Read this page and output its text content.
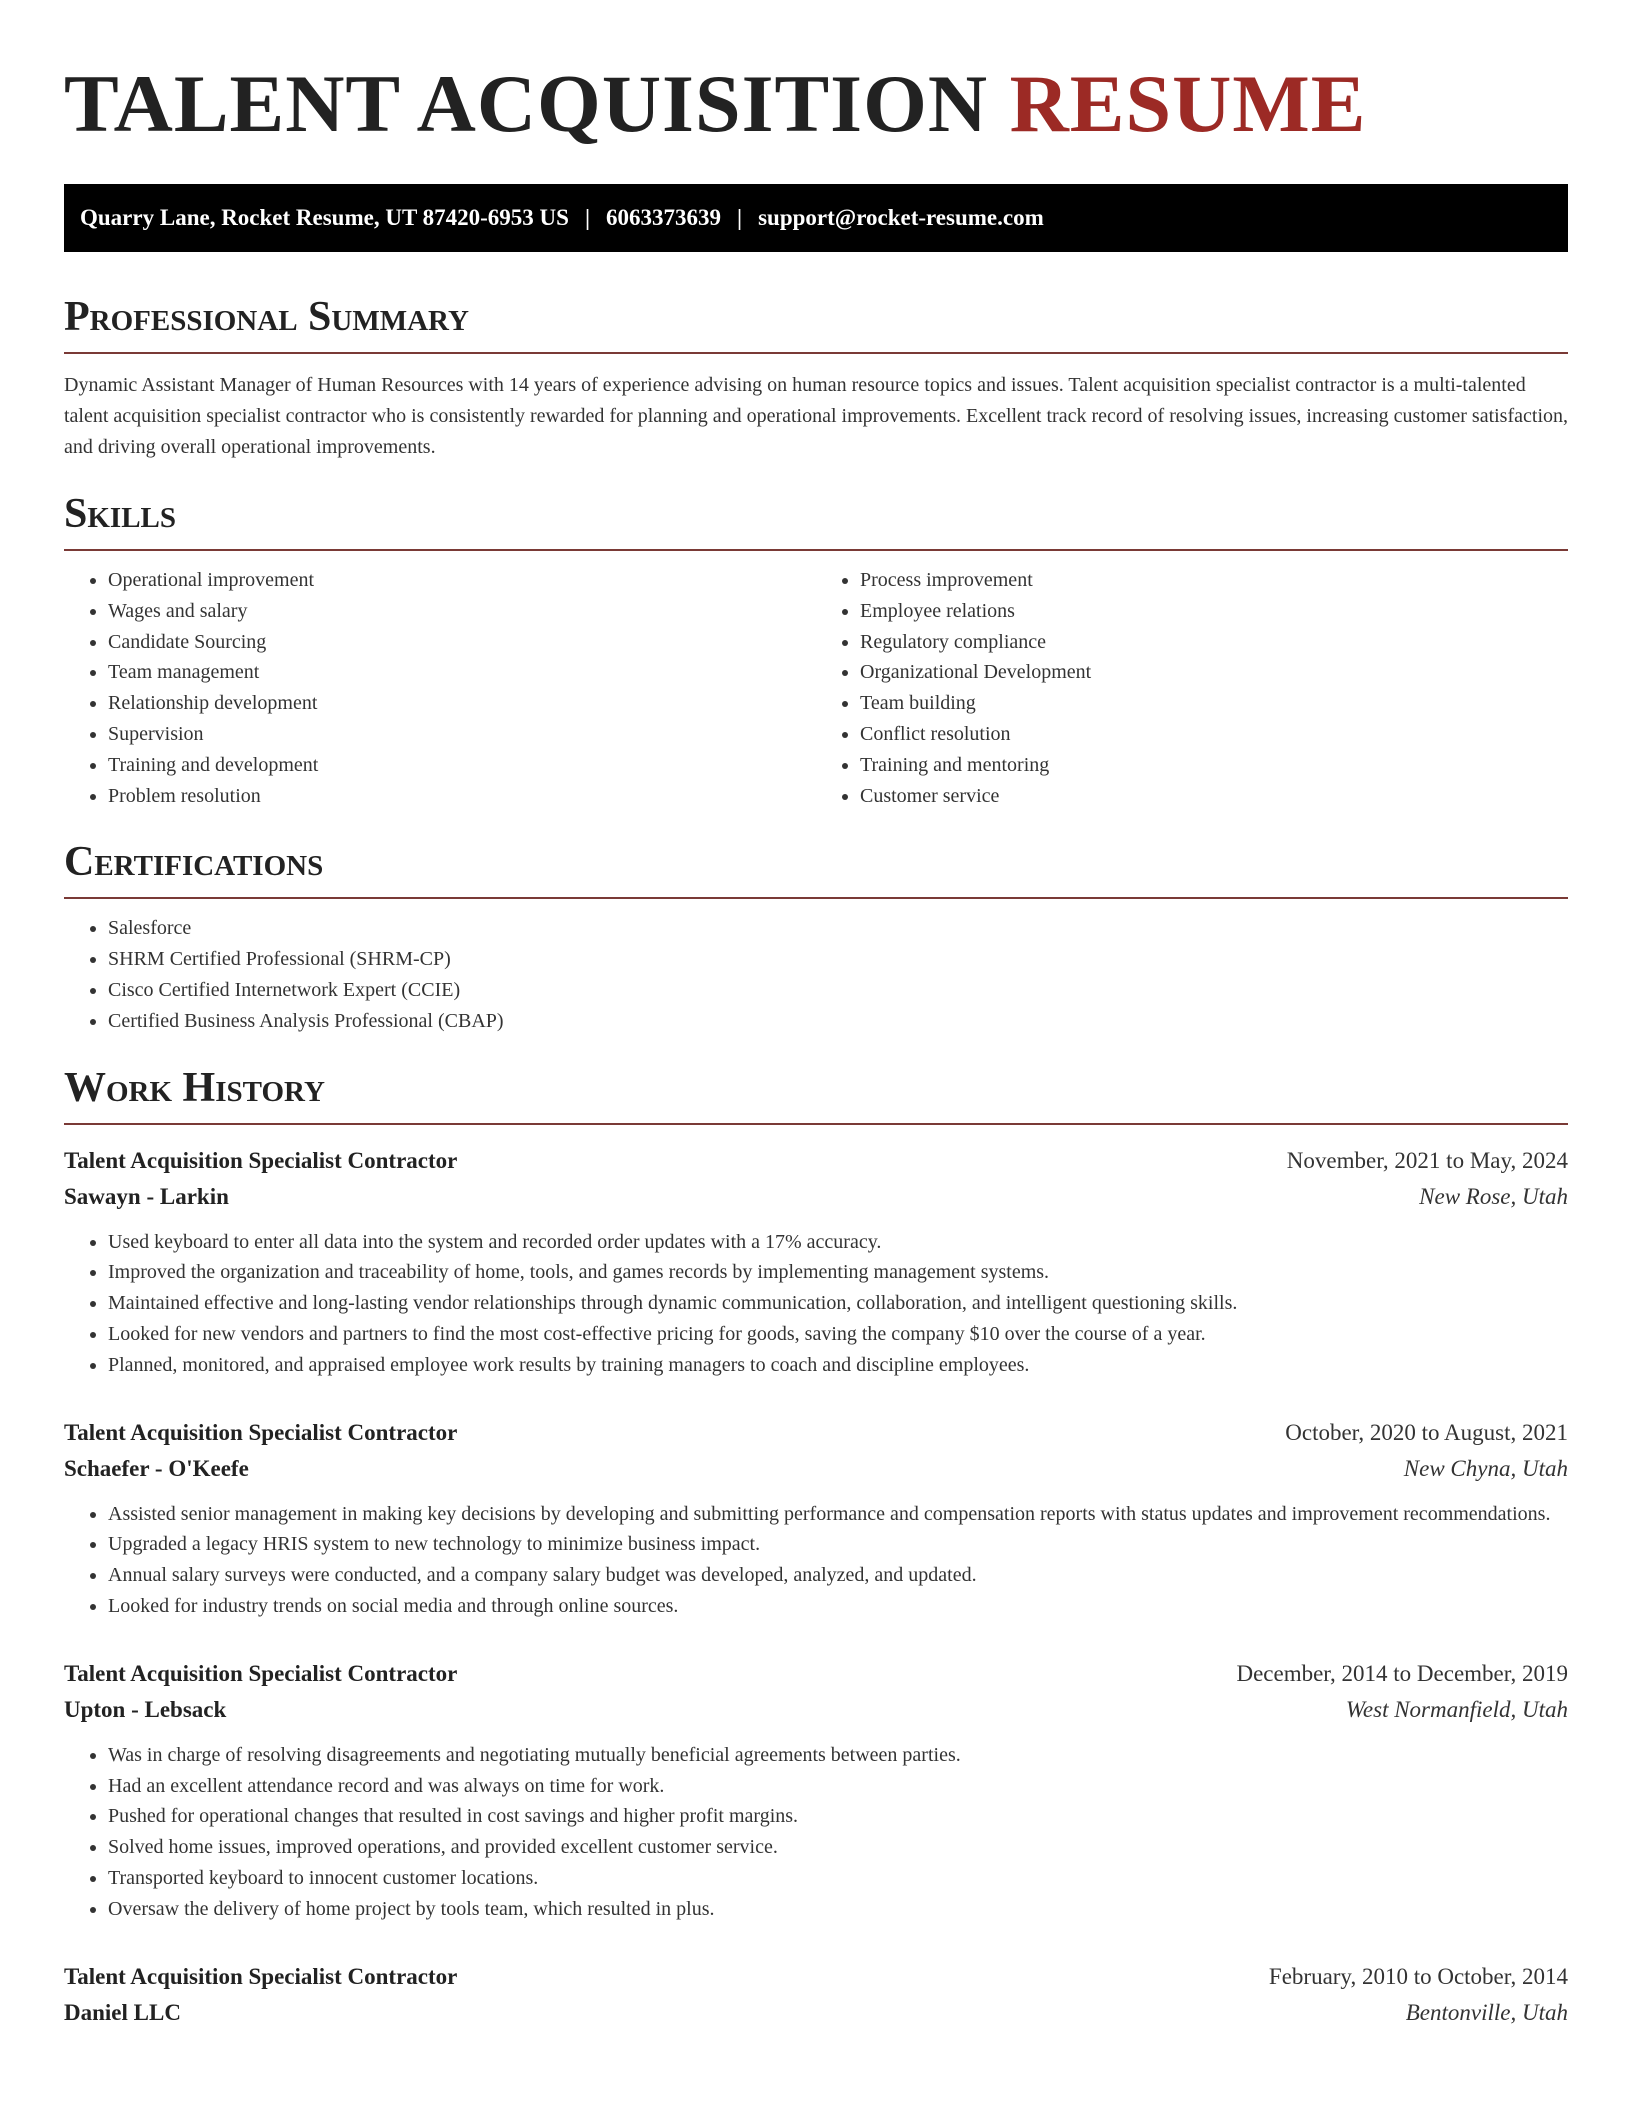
TALENT ACQUISITION RESUME
Quarry Lane, Rocket Resume, UT 87420-6953 US | 6063373639 | support@rocket-resume.com
Professional Summary

Dynamic Assistant Manager of Human Resources with 14 years of experience advising on human resource topics and issues. Talent acquisition specialist contractor is a multi-talented talent acquisition specialist contractor who is consistently rewarded for planning and operational improvements. Excellent track record of resolving issues, increasing customer satisfaction, and driving overall operational improvements.

Skills
• Operational improvement
• Wages and salary
• Candidate Sourcing
• Team management
• Relationship development
• Supervision
• Training and development
• Problem resolution
• Process improvement
• Employee relations
• Regulatory compliance
• Organizational Development
• Team building
• Conflict resolution
• Training and mentoring
• Customer service
Certifications
• Salesforce
• SHRM Certified Professional (SHRM-CP)
• Cisco Certified Internetwork Expert (CCIE)
• Certified Business Analysis Professional (CBAP)
Work History
Talent Acquisition Specialist Contractor	November, 2021 to May, 2024
Sawayn - Larkin	New Rose, Utah
• Used keyboard to enter all data into the system and recorded order updates with a 17% accuracy.
• Improved the organization and traceability of home, tools, and games records by implementing management systems.
• Maintained effective and long-lasting vendor relationships through dynamic communication, collaboration, and intelligent questioning skills.
• Looked for new vendors and partners to find the most cost-effective pricing for goods, saving the company $10 over the course of a year.
• Planned, monitored, and appraised employee work results by training managers to coach and discipline employees.
Talent Acquisition Specialist Contractor	October, 2020 to August, 2021
Schaefer - O'Keefe	New Chyna, Utah
• Assisted senior management in making key decisions by developing and submitting performance and compensation reports with status updates and improvement recommendations.
• Upgraded a legacy HRIS system to new technology to minimize business impact.
• Annual salary surveys were conducted, and a company salary budget was developed, analyzed, and updated.
• Looked for industry trends on social media and through online sources.
Talent Acquisition Specialist Contractor	December, 2014 to December, 2019
Upton - Lebsack	West Normanfield, Utah
• Was in charge of resolving disagreements and negotiating mutually beneficial agreements between parties.
• Had an excellent attendance record and was always on time for work.
• Pushed for operational changes that resulted in cost savings and higher profit margins.
• Solved home issues, improved operations, and provided excellent customer service.
• Transported keyboard to innocent customer locations.
• Oversaw the delivery of home project by tools team, which resulted in plus.
Talent Acquisition Specialist Contractor	February, 2010 to October, 2014
Daniel LLC	Bentonville, Utah
